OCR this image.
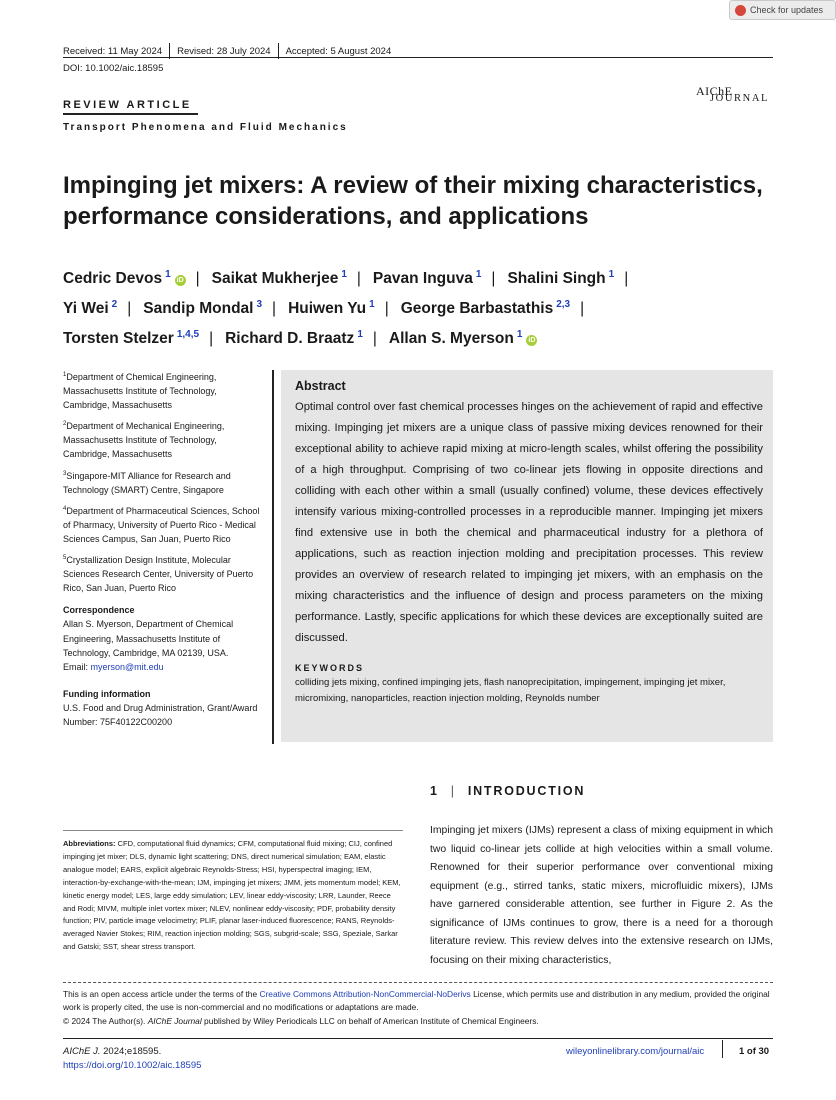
Check for updates
Received: 11 May 2024 Revised: 28 July 2024 Accepted: 5 August 2024
DOI: 10.1002/aic.18595
AIChE
JOURNAL
REVIEW ARTICLE
Transport Phenomena and Fluid Mechanics
Impinging jet mixers: A review of their mixing characteristics, performance considerations, and applications
Cedric Devos $^1$iD | Saikat Mukherjee $^1$ | Pavan Inguva $^1$ | Shalini Singh $^1$ |
Yi Wei $^2$ | Sandip Mondal $^3$ | Huiwen Yu $^1$ | George Barbastathis $^{2,3}$ |
Torsten Stelzer $^{1,4,5}$ | Richard D. Braatz $^1$ | Allan S. Myerson $^1$iD

$^1$Department of Chemical Engineering, Massachusetts Institute of Technology, Cambridge, Massachusetts

$^2$Department of Mechanical Engineering, Massachusetts Institute of Technology, Cambridge, Massachusetts

$^3$Singapore-MIT Alliance for Research and Technology (SMART) Centre, Singapore

$^4$Department of Pharmaceutical Sciences, School of Pharmacy, University of Puerto Rico - Medical Sciences Campus, San Juan, Puerto Rico

$^5$Crystallization Design Institute, Molecular Sciences Research Center, University of Puerto Rico, San Juan, Puerto Rico

Correspondence
Allan S. Myerson, Department of Chemical Engineering, Massachusetts Institute of Technology, Cambridge, MA 02139, USA.
Email: myerson@mit.edu
Funding information
U.S. Food and Drug Administration, Grant/Award Number: 75F40122C00200
Abstract

Optimal control over fast chemical processes hinges on the achievement of rapid and effective mixing. Impinging jet mixers are a unique class of passive mixing devices renowned for their exceptional ability to achieve rapid mixing at micro-length scales, whilst offering the possibility of a high throughput. Comprising of two co-linear jets flowing in opposite directions and colliding with each other within a small (usually confined) volume, these devices effectively intensify various mixing-controlled processes in a reproducible manner. Impinging jet mixers find extensive use in both the chemical and pharmaceutical industry for a plethora of applications, such as reaction injection molding and precipitation processes. This review provides an overview of research related to impinging jet mixers, with an emphasis on the mixing characteristics and the influence of design and process parameters on the mixing performance. Lastly, specific applications for which these devices are exceptionally suited are discussed.

KEYWORDS

colliding jets mixing, confined impinging jets, flash nanoprecipitation, impingement, impinging jet mixer, micromixing, nanoparticles, reaction injection molding, Reynolds number

1 | INTRODUCTION

Impinging jet mixers (IJMs) represent a class of mixing equipment in which two liquid co-linear jets collide at high velocities within a small volume. Renowned for their superior performance over conventional mixing equipment (e.g., stirred tanks, static mixers, microfluidic mixers), IJMs have garnered considerable attention, see further in Figure 2. As the significance of IJMs continues to grow, there is a need for a thorough literature review. This review delves into the extensive research on IJMs, focusing on their mixing characteristics,

Abbreviations: CFD, computational fluid dynamics; CFM, computational fluid mixing; CIJ, confined impinging jet mixer; DLS, dynamic light scattering; DNS, direct numerical simulation; EAM, elastic analogue model; EARS, explicit algebraic Reynolds-Stress; HSI, hyperspectral imaging; IEM, interaction-by-exchange-with-the-mean; IJM, impinging jet mixers; JMM, jets momentum model; KEM, kinetic energy model; LES, large eddy simulation; LEV, linear eddy-viscosity; LRR, Launder, Reece and Rodi; MIVM, multiple inlet vortex mixer; NLEV, nonlinear eddy-viscosity; PDF, probability density function; PIV, particle image velocimetry; PLIF, planar laser-induced fluorescence; RANS, Reynolds-averaged Navier Stokes; RIM, reaction injection molding; SGS, subgrid-scale; SSG, Speziale, Sarkar and Gatski; SST, shear stress transport.

This is an open access article under the terms of the Creative Commons Attribution-NonCommercial-NoDerivs License, which permits use and distribution in any medium, provided the original work is properly cited, the use is non-commercial and no modifications or adaptations are made.
© 2024 The Author(s). AIChE Journal published by Wiley Periodicals LLC on behalf of American Institute of Chemical Engineers.

AIChE J. 2024;e18595.
https://doi.org/10.1002/aic.18595
wileyonlinelibrary.com/journal/aic	1 of 30
